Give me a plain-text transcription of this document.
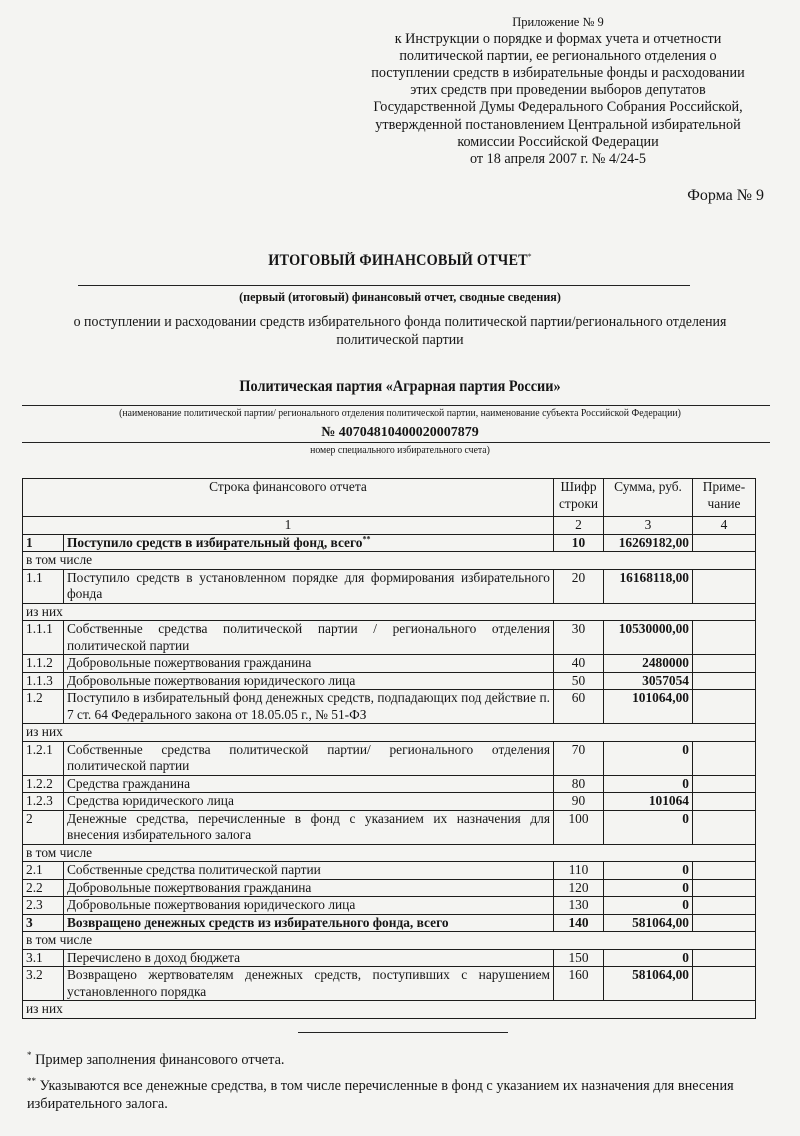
Приложение № 9
к Инструкции о порядке и формах учета и отчетности
политической партии, ее регионального отделения о
поступлении средств в избирательные фонды и расходовании
этих средств при проведении выборов депутатов
Государственной Думы Федерального Собрания Российской,
утвержденной постановлением Центральной избирательной
комиссии Российской Федерации
от 18 апреля 2007 г. № 4/24-5
Форма № 9
ИТОГОВЫЙ ФИНАНСОВЫЙ ОТЧЕТ*
(первый (итоговый) финансовый отчет, сводные сведения)
о поступлении и расходовании средств избирательного фонда политической партии/регионального отделения политической партии
Политическая партия «Аграрная партия России»
(наименование политической партии/ регионального отделения политической партии, наименование субъекта Российской Федерации)
№ 40704810400020007879
номер специального избирательного счета)
Строка финансового отчета		Шифр строки	Сумма, руб.	Приме-чание
1		2	3	4
1	Поступило средств в избирательный фонд, всего**	10	16269182,00	
в том числе				
1.1	Поступило средств в установленном порядке для формирования избирательного фонда	20	16168118,00	
из них				
1.1.1	Собственные средства политической партии / регионального отделения политической партии	30	10530000,00	
1.1.2	Добровольные пожертвования гражданина	40	2480000	
1.1.3	Добровольные пожертвования юридического лица	50	3057054	
1.2	Поступило в избирательный фонд денежных средств, подпадающих под действие п. 7 ст. 64 Федерального закона от 18.05.05 г., № 51-ФЗ	60	101064,00	
из них				
1.2.1	Собственные средства политической партии/ регионального отделения политической партии	70	0	
1.2.2	Средства гражданина	80	0	
1.2.3	Средства юридического лица	90	101064	
2	Денежные средства, перечисленные в фонд с указанием их назначения для внесения избирательного залога	100	0	
в том числе				
2.1	Собственные средства политической партии	110	0	
2.2	Добровольные пожертвования гражданина	120	0	
2.3	Добровольные пожертвования юридического лица	130	0	
3	Возвращено денежных средств из избирательного фонда, всего	140	581064,00	
в том числе				
3.1	Перечислено в доход бюджета	150	0	
3.2	Возвращено жертвователям денежных средств, поступивших с нарушением установленного порядка	160	581064,00	
из них				
* Пример заполнения финансового отчета.
** Указываются все денежные средства, в том числе перечисленные в фонд с указанием их назначения для внесения избирательного залога.
